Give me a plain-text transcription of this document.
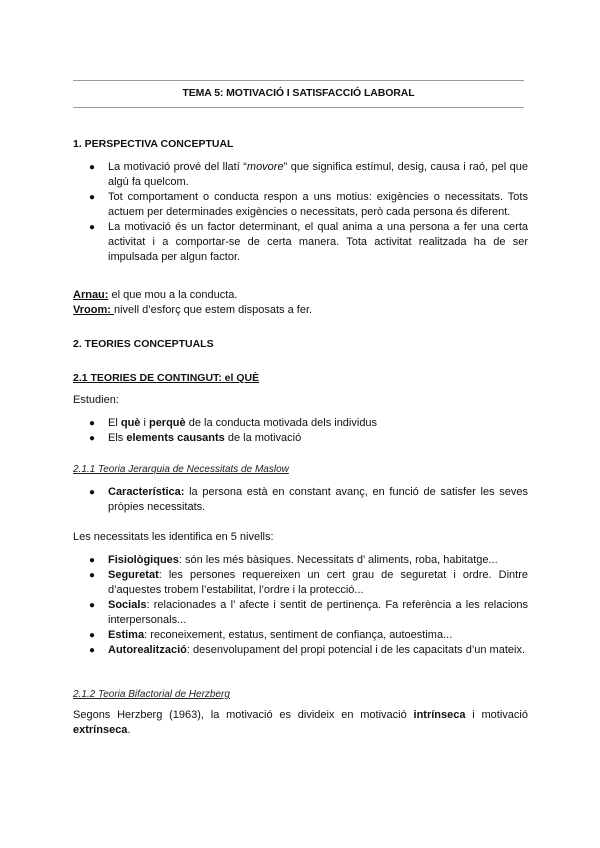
TEMA 5: MOTIVACIÓ I SATISFACCIÓ LABORAL
1. PERSPECTIVA CONCEPTUAL
● La motivació prové del llatí “movore” que significa estímul, desig, causa i raó, pel que algú fa quelcom.
● Tot comportament o conducta respon a uns motius: exigències o necessitats. Tots actuem per determinades exigències o necessitats, però cada persona és diferent.
● La motivació és un factor determinant, el qual anima a una persona a fer una certa activitat i a comportar-se de certa manera. Tota activitat realitzada ha de ser impulsada per algun factor.
Arnau: el que mou a la conducta.
Vroom: nivell d’esforç que estem disposats a fer.
2. TEORIES CONCEPTUALS
2.1 TEORIES DE CONTINGUT: el QUÈ
Estudien:
● El què i perquè de la conducta motivada dels individus
● Els elements causants de la motivació
2.1.1 Teoria Jerarquia de Necessitats de Maslow
● Característica: la persona està en constant avanç, en funció de satisfer les seves pròpies necessitats.
Les necessitats les identifica en 5 nivells:
● Fisiològiques: són les més bàsiques. Necessitats d’ aliments, roba, habitatge...
● Seguretat: les persones requereixen un cert grau de seguretat i ordre. Dintre d’aquestes trobem l’estabilitat, l’ordre i la protecció...
● Socials: relacionades a l’ afecte i sentit de pertinença. Fa referència a les relacions interpersonals...
● Estima: reconeixement, estatus, sentiment de confiança, autoestima...
● Autorealització: desenvolupament del propi potencial i de les capacitats d’un mateix.
2.1.2 Teoria Bifactorial de Herzberg
Segons Herzberg (1963), la motivació es divideix en motivació intrínseca i motivació extrínseca.
